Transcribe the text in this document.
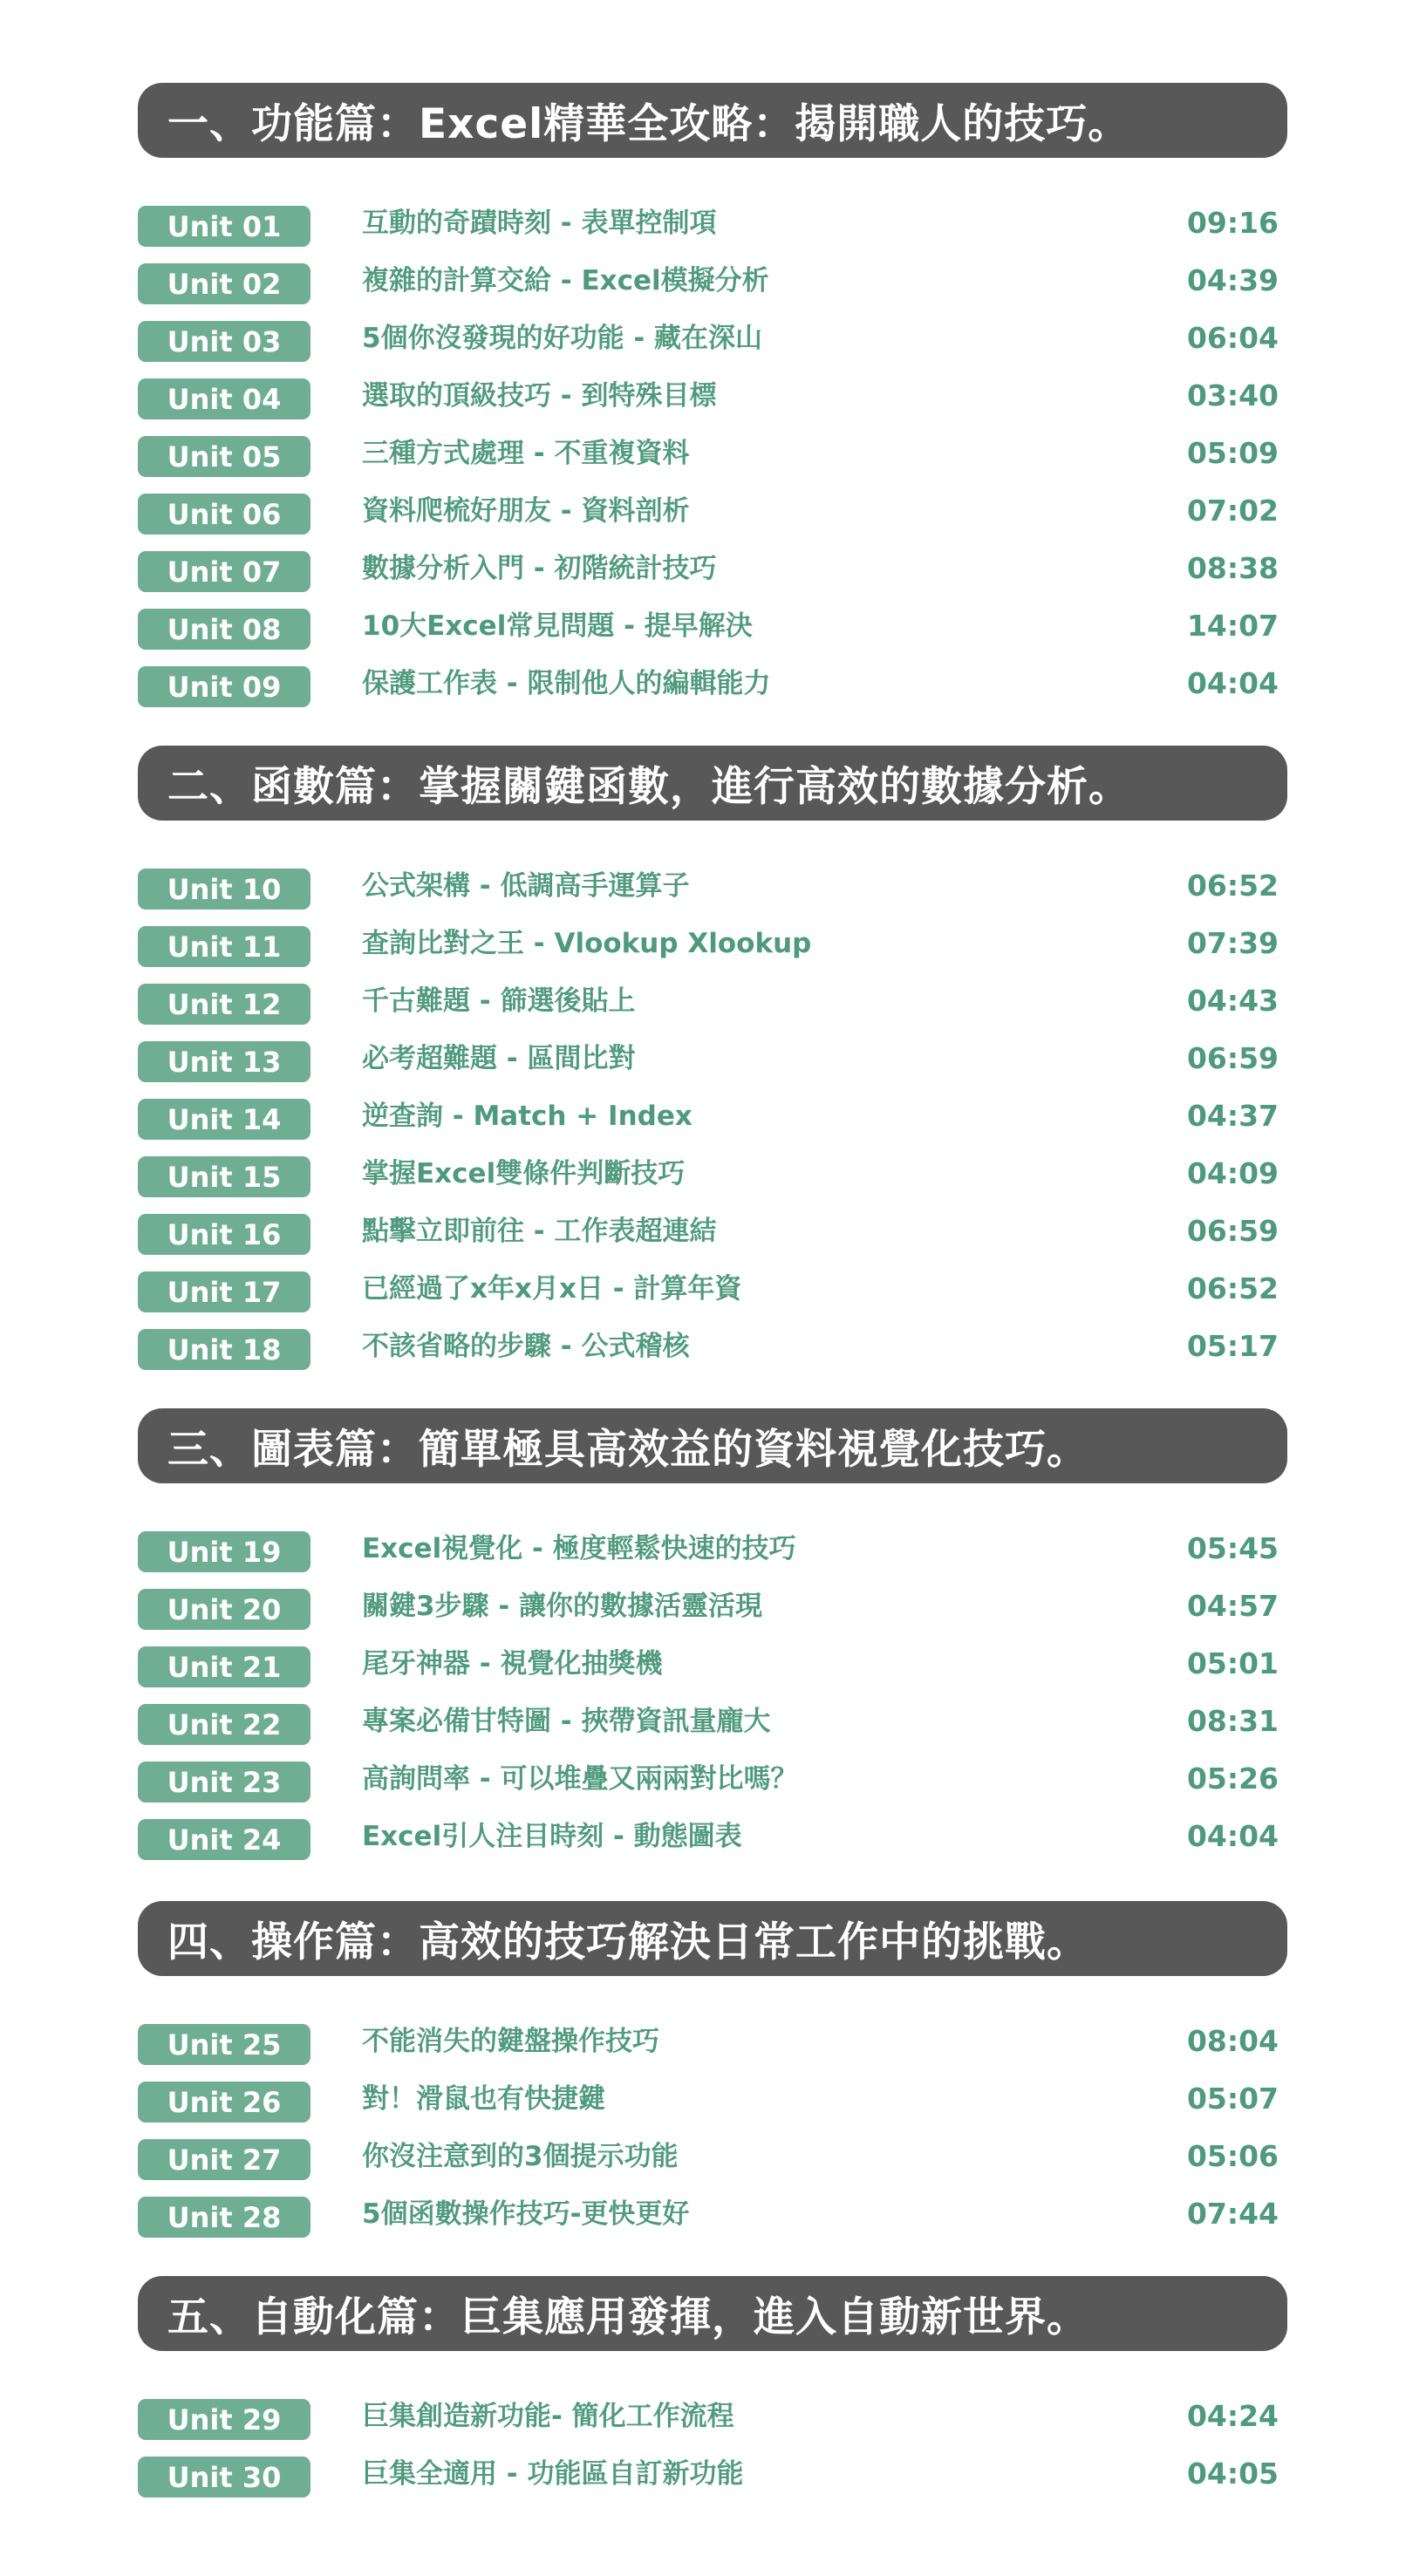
一、功能篇：Excel精華全攻略：揭開職人的技巧。
Unit 01	互動的奇蹟時刻 - 表單控制項	09:16
Unit 02	複雜的計算交給 - Excel模擬分析	04:39
Unit 03	5個你沒發現的好功能 - 藏在深山	06:04
Unit 04	選取的頂級技巧 - 到特殊目標	03:40
Unit 05	三種方式處理 - 不重複資料	05:09
Unit 06	資料爬梳好朋友 - 資料剖析	07:02
Unit 07	數據分析入門 - 初階統計技巧	08:38
Unit 08	10大Excel常見問題 - 提早解決	14:07
Unit 09	保護工作表 - 限制他人的編輯能力	04:04
二、函數篇：掌握關鍵函數，進行高效的數據分析。
Unit 10	公式架構 - 低調高手運算子	06:52
Unit 11	查詢比對之王 - Vlookup Xlookup	07:39
Unit 12	千古難題 - 篩選後貼上	04:43
Unit 13	必考超難題 - 區間比對	06:59
Unit 14	逆查詢 - Match + Index	04:37
Unit 15	掌握Excel雙條件判斷技巧	04:09
Unit 16	點擊立即前往 - 工作表超連結	06:59
Unit 17	已經過了x年x月x日 - 計算年資	06:52
Unit 18	不該省略的步驟 - 公式稽核	05:17
三、圖表篇：簡單極具高效益的資料視覺化技巧。
Unit 19	Excel視覺化 - 極度輕鬆快速的技巧	05:45
Unit 20	關鍵3步驟 - 讓你的數據活靈活現	04:57
Unit 21	尾牙神器 - 視覺化抽獎機	05:01
Unit 22	專案必備甘特圖 - 挾帶資訊量龐大	08:31
Unit 23	高詢問率 - 可以堆疊又兩兩對比嗎？	05:26
Unit 24	Excel引人注目時刻 - 動態圖表	04:04
四、操作篇：高效的技巧解決日常工作中的挑戰。
Unit 25	不能消失的鍵盤操作技巧	08:04
Unit 26	對！滑鼠也有快捷鍵	05:07
Unit 27	你沒注意到的3個提示功能	05:06
Unit 28	5個函數操作技巧-更快更好	07:44
五、自動化篇：巨集應用發揮，進入自動新世界。
Unit 29	巨集創造新功能- 簡化工作流程	04:24
Unit 30	巨集全適用 - 功能區自訂新功能	04:05
